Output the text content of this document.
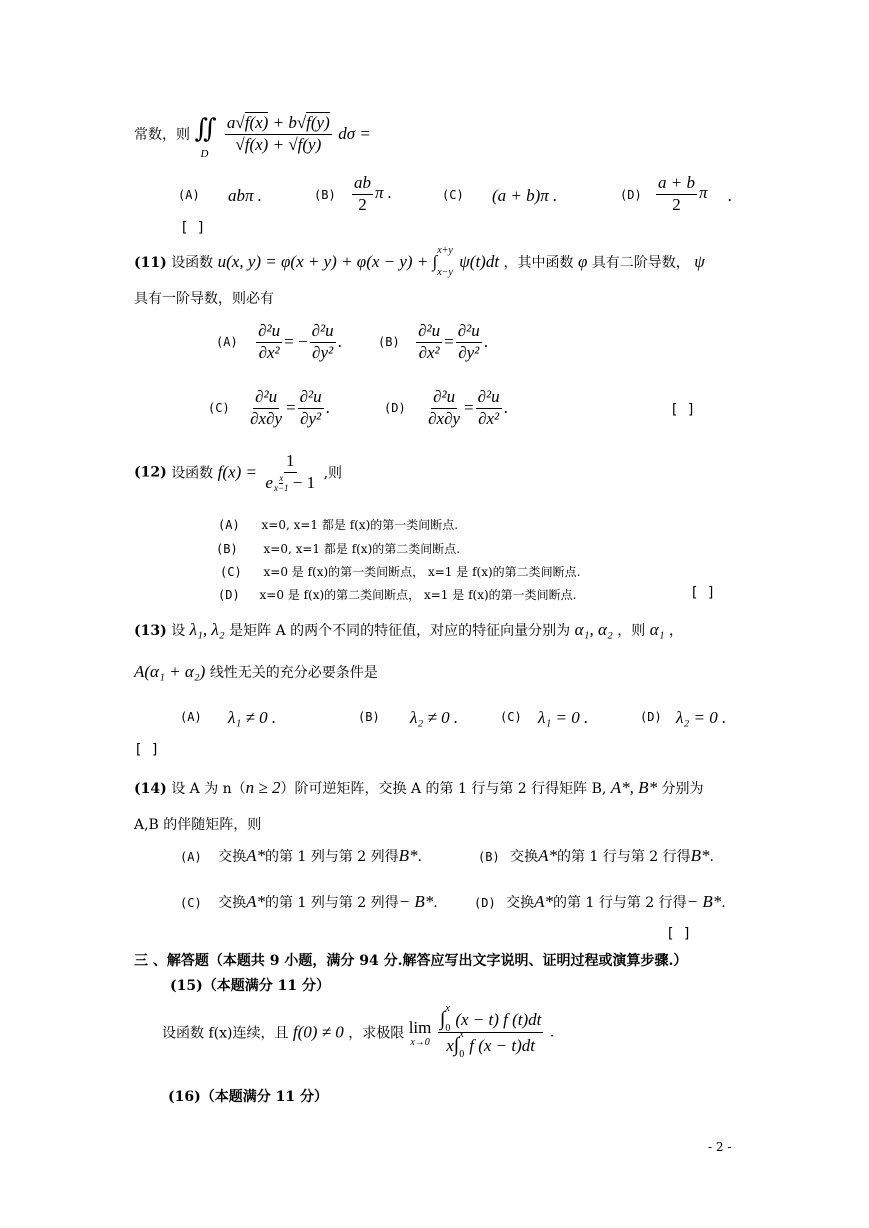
常数，则 ∬
D
$\frac{a√f(x) + b√f(y)}{√f(x) + √f(y)}$ dσ =
(A) abπ .	$(B) \frac{ab}{2}$ π .	(C) (a + b)π .	$(D) \frac{a + b}{2}$ π .
[ ]
(11) 设函数 u(x, y) = φ(x + y) + φ(x − y) + ∫
x+y
x−y
ψ(t)dt ，其中函数 φ 具有二阶导数， ψ
具有一阶导数，则必有
$(A) \frac{\text{∂²u}}{\text{∂x²}}$ = − $\frac{\text{∂²u}}{\text{∂y²}}$ .	$(B) \frac{\text{∂²u}}{\text{∂x²}} = \frac{\text{∂²u}}{\text{∂y²}}$ .
$(C) \frac{\text{∂²u}}{\partial x\partial y} = \frac{\text{∂²u}}{\text{∂y²}}$ .	$(D) \frac{\text{∂²u}}{\partial x\partial y} = \frac{\text{∂²u}}{\text{∂x²}}$ .	[ ]
(12) 设函数 $f(x) = \frac{1}{e \frac{x}{x-1} - 1}$ ,则
(A) x=0, x=1 都是 f(x)的第一类间断点.
(B) x=0, x=1 都是 f(x)的第二类间断点.
(C) x=0 是 f(x)的第一类间断点， x=1 是 f(x)的第二类间断点.
(D) x=0 是 f(x)的第二类间断点， x=1 是 f(x)的第一类间断点.	[ ]
(13) 设 λ₁, λ₂ 是矩阵 A 的两个不同的特征值，对应的特征向量分别为 α₁, α₂ ，则 α₁ ，
A(α₁ + α₂) 线性无关的充分必要条件是
(A) λ₁ ≠ 0 .	(B) λ₂ ≠ 0 .	(C) λ₁ = 0 .	(D) λ₂ = 0 .
[ ]
(14) 设 A 为 n（n ≥ 2）阶可逆矩阵，交换 A 的第 1 行与第 2 行得矩阵 B, A*, B* 分别为
A,B 的伴随矩阵，则
(A) 交换A*的第 1 列与第 2 列得B*.	(B) 交换A*的第 1 行与第 2 行得B*.
(C) 交换A*的第 1 列与第 2 列得− B*.	(D) 交换A*的第 1 行与第 2 行得− B*.
[ ]
三 、解答题（本题共 9 小题，满分 94 分.解答应写出文字说明、证明过程或演算步骤.）
(15)（本题满分 11 分）
设函数 f(x)连续，且 f(0) ≠ 0 ，求极限 lim
x→0
∫ x
0 (x − t) f (t)dt
x∫ x
0 f (x − t)dt .
(16)（本题满分 11 分）
- 2 -
